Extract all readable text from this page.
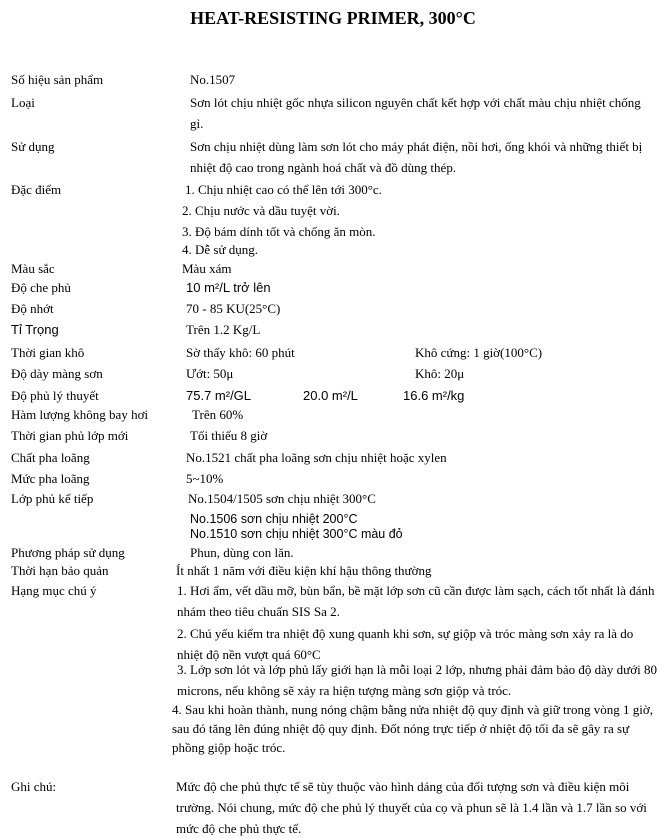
HEAT-RESISTING PRIMER, 300°C
Số hiệu sản phẩm	No.1507
Loại	Sơn lót chịu nhiệt gốc nhựa silicon nguyên chất kết hợp với chất màu chịu nhiệt chống gỉ.
Sử dụng	Sơn chịu nhiệt dùng làm sơn lót cho máy phát điện, nồi hơi, ống khói và những thiết bị nhiệt độ cao trong ngành hoá chất và đồ dùng thép.
Đặc điểm	1. Chịu nhiệt cao có thể lên tới 300°c.
2. Chịu nước và dầu tuyệt vời.
3. Độ bám dính tốt và chống ăn mòn.
4. Dễ sử dụng.
Màu sắc	Màu xám
Độ che phủ	10 m²/L trở lên
Độ nhớt	70 - 85 KU(25°C)
Tỉ Trọng	Trên 1.2 Kg/L
Thời gian khô	Sờ thấy khô: 60 phút	Khô cứng: 1 giờ(100°C)
Độ dày màng sơn	Ướt: 50μ	Khô: 20μ
Độ phủ lý thuyết	75.7 m²/GL	20.0 m²/L	16.6 m²/kg
Hàm lượng không bay hơi	Trên 60%
Thời gian phủ lớp mới	Tối thiểu 8 giờ
Chất pha loãng	No.1521 chất pha loãng sơn chịu nhiệt hoặc xylen
Mức pha loãng	5~10%
Lớp phủ kế tiếp	No.1504/1505 sơn chịu nhiệt 300°C
No.1506 sơn chịu nhiệt 200°C
No.1510 sơn chịu nhiệt 300°C màu đỏ
Phương pháp sử dụng	Phun, dùng con lăn.
Thời hạn bảo quản	Ít nhất 1 năm với điều kiện khí hậu thông thường
Hạng mục chú ý	1. Hơi ẩm, vết dầu mỡ, bùn bẩn, bề mặt lớp sơn cũ cần được làm sạch, cách tốt nhất là đánh nhám theo tiêu chuẩn SIS Sa 2.
2. Chú yếu kiểm tra nhiệt độ xung quanh khi sơn, sự giộp và tróc màng sơn xảy ra là do nhiệt độ nền vượt quá 60°C
3. Lớp sơn lót và lớp phủ lấy giới hạn là mỗi loại 2 lớp, nhưng phải đảm bảo độ dày dưới 80 microns, nếu không sẽ xảy ra hiện tượng màng sơn giộp và tróc.
4. Sau khi hoàn thành, nung nóng chậm bằng nửa nhiệt độ quy định và giữ trong vòng 1 giờ, sau đó tăng lên đúng nhiệt độ quy định. Đốt nóng trực tiếp ở nhiệt độ tối đa sẽ gây ra sự phồng giộp hoặc tróc.
Ghi chú:	Mức độ che phủ thực tế sẽ tùy thuộc vào hình dáng của đối tượng sơn và điều kiện môi trường. Nói chung, mức độ che phủ lý thuyết của cọ và phun sẽ là 1.4 lần và 1.7 lần so với mức độ che phủ thực tế.
